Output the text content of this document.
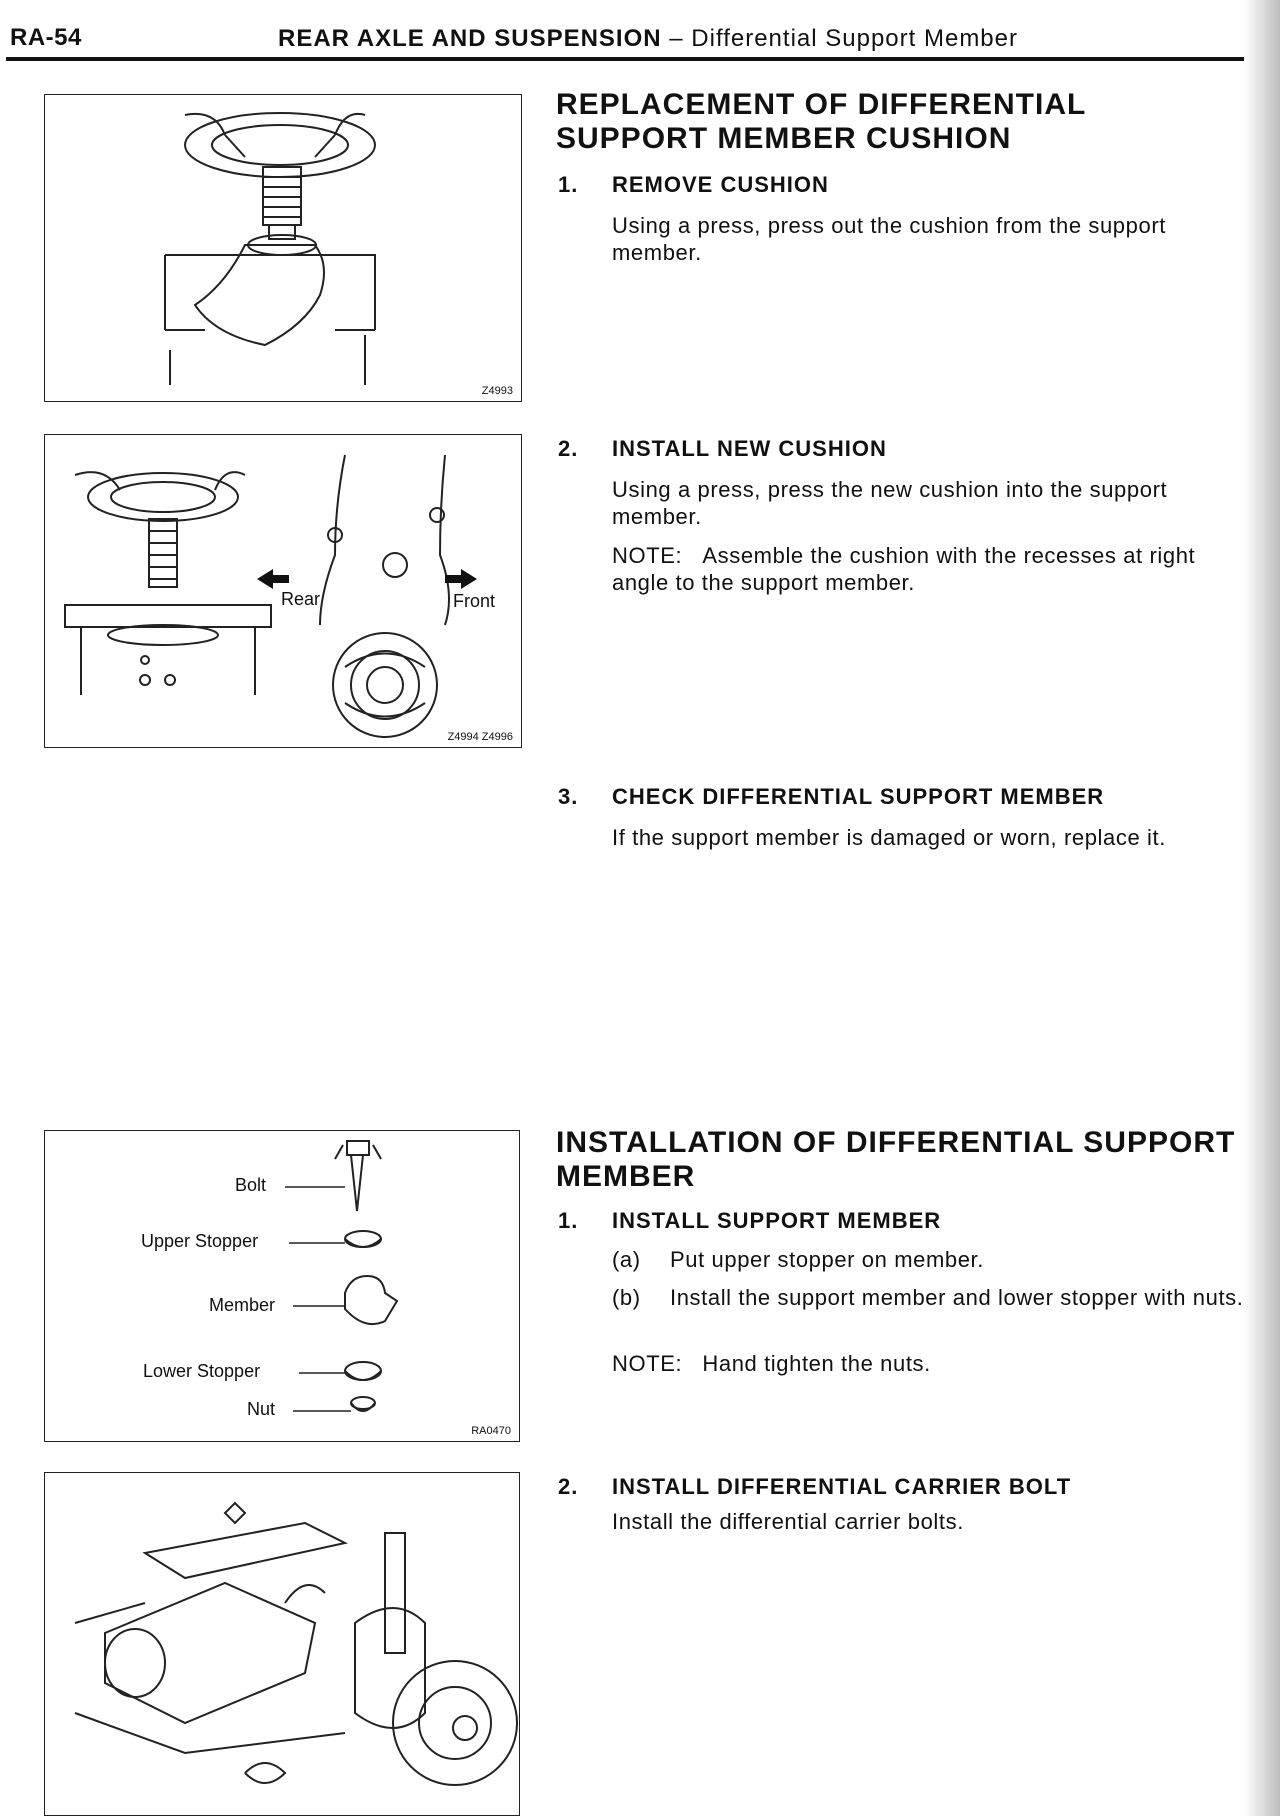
RA-54	REAR AXLE AND SUSPENSION – Differential Support Member
Z4993
Rear	Front
Z4994 Z4996
Bolt
Upper Stopper
Member
Lower Stopper
Nut
RA0470
REPLACEMENT OF DIFFERENTIAL SUPPORT MEMBER CUSHION
1. REMOVE CUSHION
Using a press, press out the cushion from the support member.
2. INSTALL NEW CUSHION
Using a press, press the new cushion into the support member.
NOTE: Assemble the cushion with the recesses at right angle to the support member.
3. CHECK DIFFERENTIAL SUPPORT MEMBER
If the support member is damaged or worn, replace it.
INSTALLATION OF DIFFERENTIAL SUPPORT MEMBER
1. INSTALL SUPPORT MEMBER
(a) Put upper stopper on member.
(b) Install the support member and lower stopper with nuts.
NOTE: Hand tighten the nuts.
2. INSTALL DIFFERENTIAL CARRIER BOLT
Install the differential carrier bolts.
